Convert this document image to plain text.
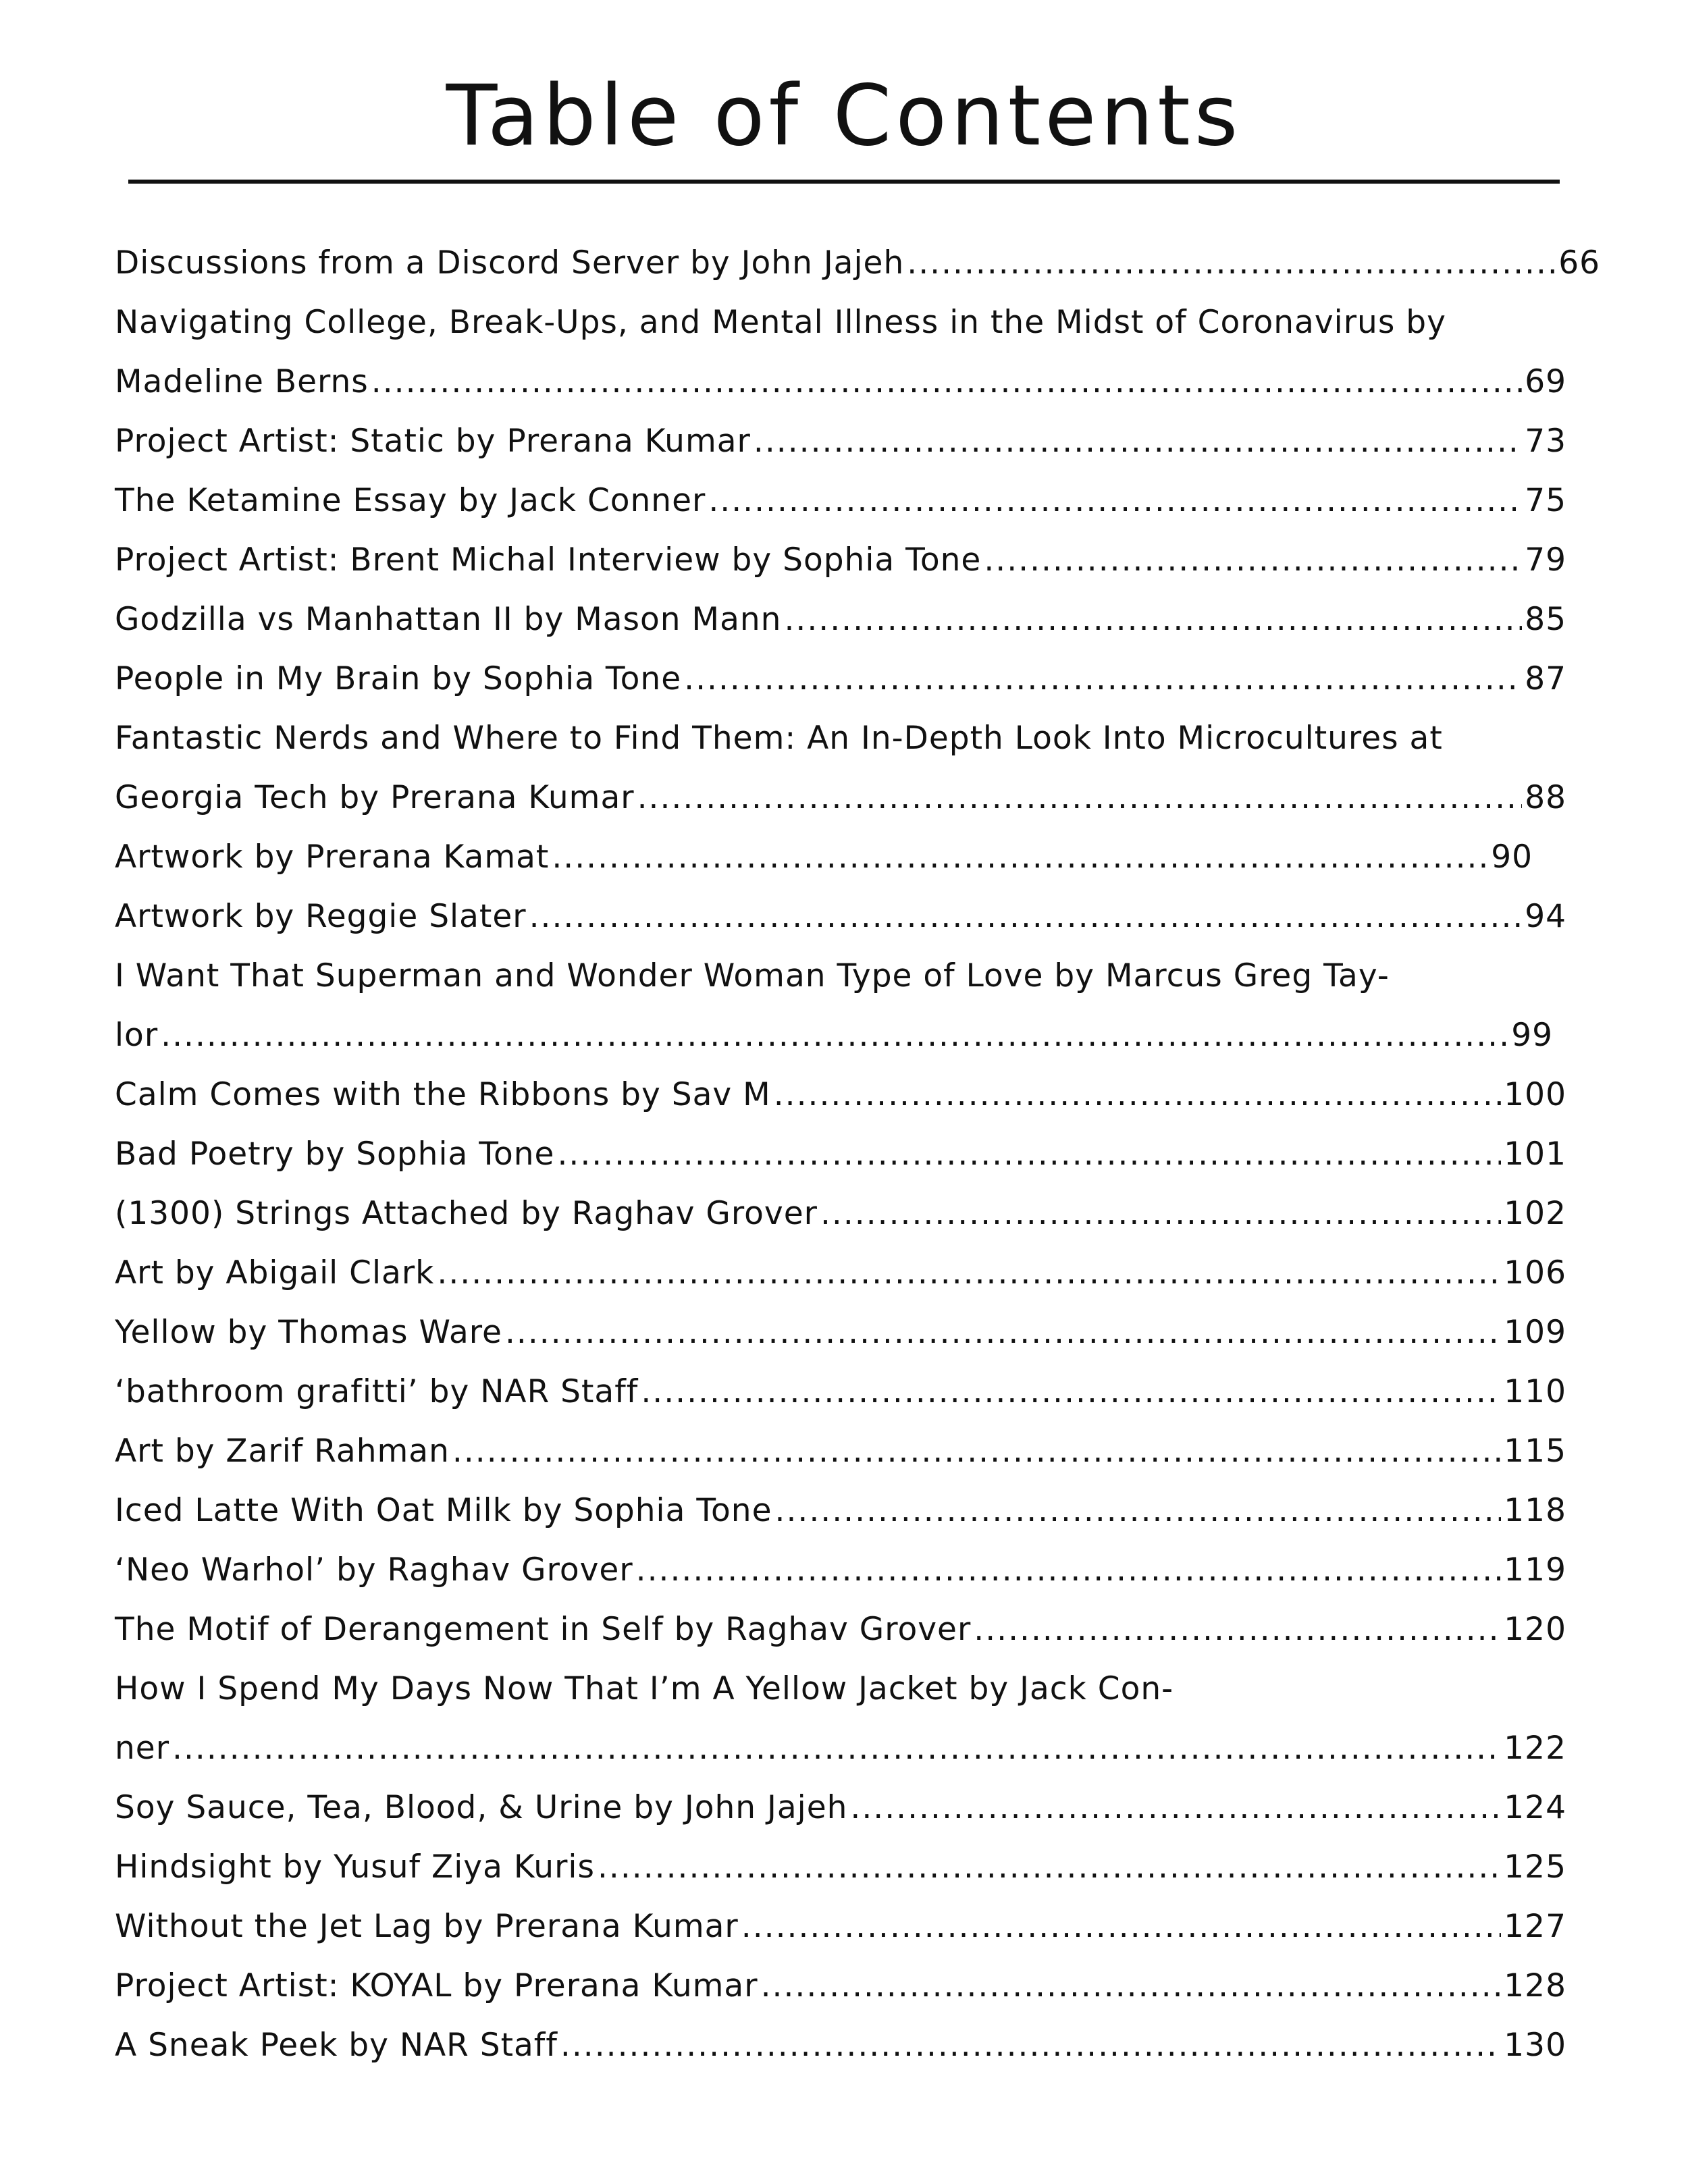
Table of Contents
Discussions from a Discord Server by John Jajeh .....	66
Navigating College, Break-Ups, and Mental Illness in the Midst of Coronavirus by
Madeline Berns .....	69
Project Artist: Static by Prerana Kumar .....	73
The Ketamine Essay by Jack Conner .....	75
Project Artist: Brent Michal Interview by Sophia Tone .....	79
Godzilla vs Manhattan II by Mason Mann .....	85
People in My Brain by Sophia Tone .....	87
Fantastic Nerds and Where to Find Them: An In-Depth Look Into Microcultures at
Georgia Tech by Prerana Kumar .....	88
Artwork by Prerana Kamat .....	90
Artwork by Reggie Slater .....	94
I Want That Superman and Wonder Woman Type of Love by Marcus Greg Tay-
lor .....	99
Calm Comes with the Ribbons by Sav M .....	100
Bad Poetry by Sophia Tone .....	101
(1300) Strings Attached by Raghav Grover .....	102
Art by Abigail Clark .....	106
Yellow by Thomas Ware .....	109
‘bathroom grafitti’ by NAR Staff .....	110
Art by Zarif Rahman .....	115
Iced Latte With Oat Milk by Sophia Tone .....	118
‘Neo Warhol’ by Raghav Grover .....	119
The Motif of Derangement in Self by Raghav Grover .....	120
How I Spend My Days Now That I’m A Yellow Jacket by Jack Con-
ner .....	122
Soy Sauce, Tea, Blood, & Urine by John Jajeh .....	124
Hindsight by Yusuf Ziya Kuris .....	125
Without the Jet Lag by Prerana Kumar .....	127
Project Artist: KOYAL by Prerana Kumar .....	128
A Sneak Peek by NAR Staff .....	130
